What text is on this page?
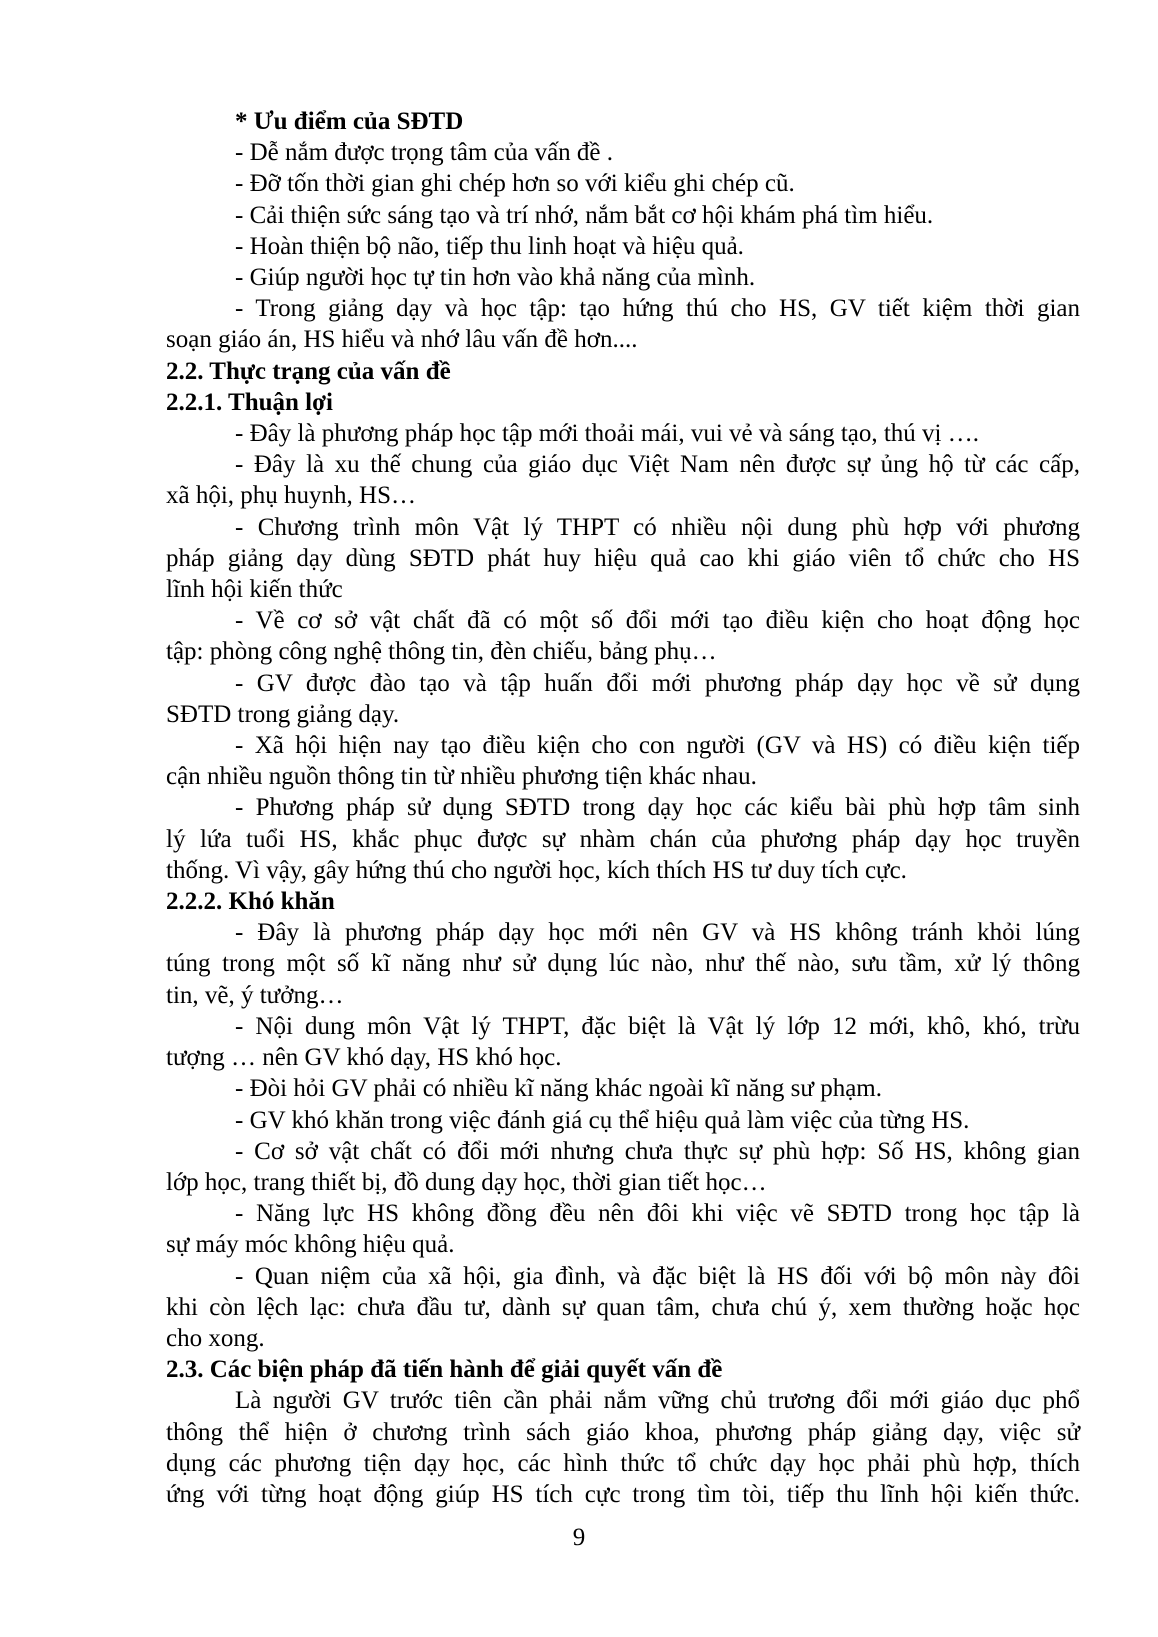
* Ưu điểm của SĐTD
- Dễ nắm được trọng tâm của vấn đề .
- Đỡ tốn thời gian ghi chép hơn so với kiểu ghi chép cũ.
- Cải thiện sức sáng tạo và trí nhớ, nắm bắt cơ hội khám phá tìm hiểu.
- Hoàn thiện bộ não, tiếp thu linh hoạt và hiệu quả.
- Giúp người học tự tin hơn vào khả năng của mình.
- Trong giảng dạy và học tập: tạo hứng thú cho HS, GV tiết kiệm thời gian
soạn giáo án, HS hiểu và nhớ lâu vấn đề hơn....
2.2. Thực trạng của vấn đề
2.2.1. Thuận lợi
- Đây là phương pháp học tập mới thoải mái, vui vẻ và sáng tạo, thú vị ….
- Đây là xu thế chung của giáo dục Việt Nam nên được sự ủng hộ từ các cấp,
xã hội, phụ huynh, HS…
- Chương trình môn Vật lý THPT có nhiều nội dung phù hợp với phương
pháp giảng dạy dùng SĐTD phát huy hiệu quả cao khi giáo viên tổ chức cho HS
lĩnh hội kiến thức
- Về cơ sở vật chất đã có một số đổi mới tạo điều kiện cho hoạt động học
tập: phòng công nghệ thông tin, đèn chiếu, bảng phụ…
- GV được đào tạo và tập huấn đổi mới phương pháp dạy học về sử dụng
SĐTD trong giảng dạy.
- Xã hội hiện nay tạo điều kiện cho con người (GV và HS) có điều kiện tiếp
cận nhiều nguồn thông tin từ nhiều phương tiện khác nhau.
- Phương pháp sử dụng SĐTD trong dạy học các kiểu bài phù hợp tâm sinh
lý lứa tuổi HS, khắc phục được sự nhàm chán của phương pháp dạy học truyền
thống. Vì vậy, gây hứng thú cho người học, kích thích HS tư duy tích cực.
2.2.2. Khó khăn
- Đây là phương pháp dạy học mới nên GV và HS không tránh khỏi lúng
túng trong một số kĩ năng như sử dụng lúc nào, như thế nào, sưu tầm, xử lý thông
tin, vẽ, ý tưởng…
- Nội dung môn Vật lý THPT, đặc biệt là Vật lý lớp 12 mới, khô, khó, trừu
tượng … nên GV khó dạy, HS khó học.
- Đòi hỏi GV phải có nhiều kĩ năng khác ngoài kĩ năng sư phạm.
- GV khó khăn trong việc đánh giá cụ thể hiệu quả làm việc của từng HS.
- Cơ sở vật chất có đổi mới nhưng chưa thực sự phù hợp: Số HS, không gian
lớp học, trang thiết bị, đồ dung dạy học, thời gian tiết học…
- Năng lực HS không đồng đều nên đôi khi việc vẽ SĐTD trong học tập là
sự máy móc không hiệu quả.
- Quan niệm của xã hội, gia đình, và đặc biệt là HS đối với bộ môn này đôi
khi còn lệch lạc: chưa đầu tư, dành sự quan tâm, chưa chú ý, xem thường hoặc học
cho xong.
2.3. Các biện pháp đã tiến hành để giải quyết vấn đề
Là người GV trước tiên cần phải nắm vững chủ trương đổi mới giáo dục phổ
thông thể hiện ở chương trình sách giáo khoa, phương pháp giảng dạy, việc sử
dụng các phương tiện dạy học, các hình thức tổ chức dạy học phải phù hợp, thích
ứng với từng hoạt động giúp HS tích cực trong tìm tòi, tiếp thu lĩnh hội kiến thức.
9
